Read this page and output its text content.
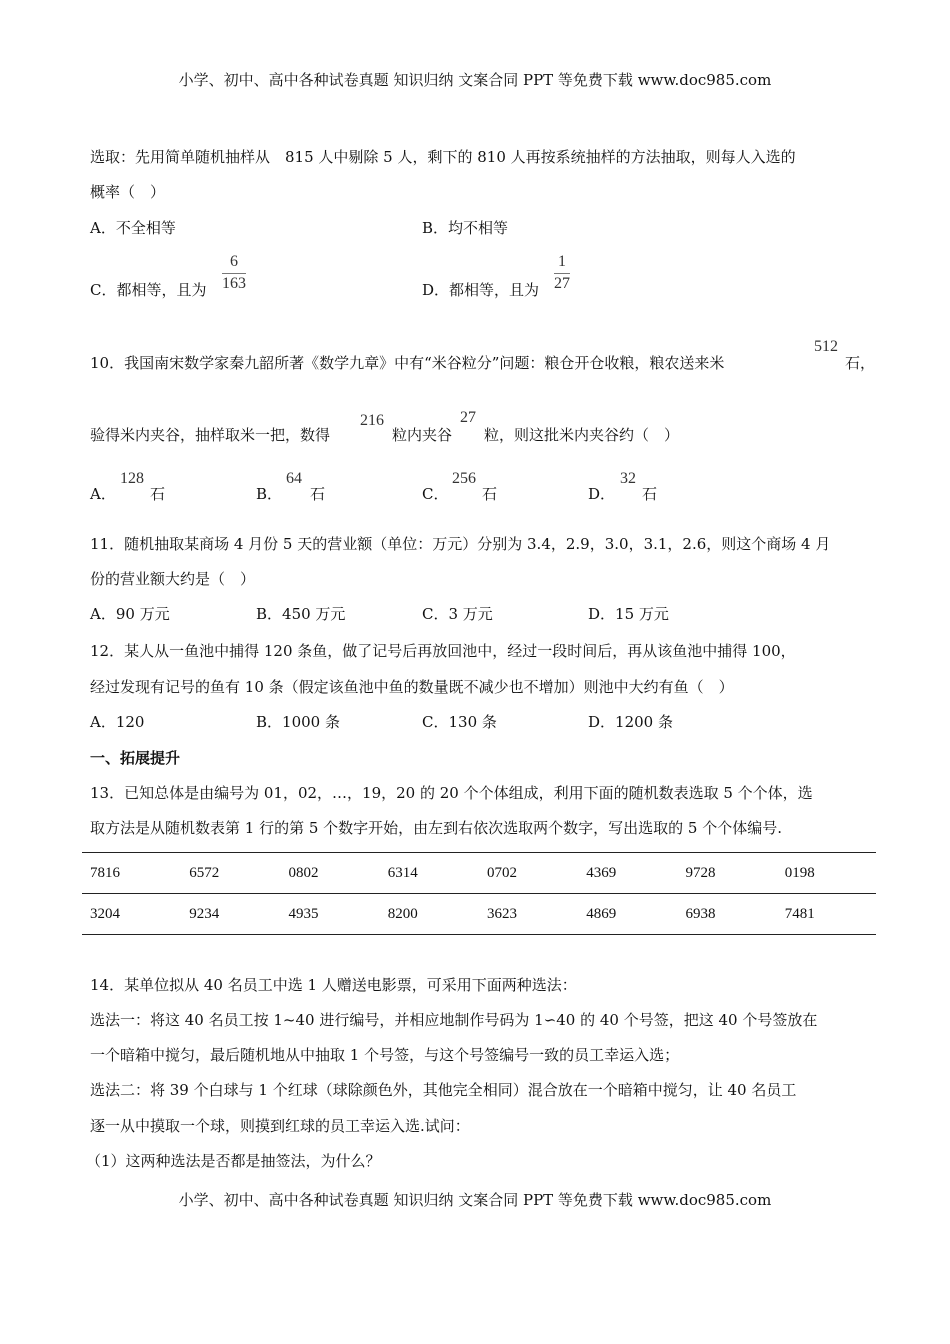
小学、初中、高中各种试卷真题 知识归纳 文案合同 PPT 等免费下载 www.doc985.com
选取：先用简单随机抽样从　815 人中剔除 5 人，剩下的 810 人再按系统抽样的方法抽取，则每人入选的
概率（　）
A．不全相等	B．均不相等
C．都相等，且为 $\frac{6}{163}$	D．都相等，且为 $\frac{1}{27}$
10．我国南宋数学家秦九韶所著《数学九章》中有“米谷粒分”问题：粮仓开仓收粮，粮农送来米
512
石，
验得米内夹谷，抽样取米一把，数得
216
粒内夹谷
27
粒，则这批米内夹谷约（　）
A．
128
石	B．
64
石	C．
256
石	D．
32
石
11．随机抽取某商场 4 月份 5 天的营业额（单位：万元）分别为 3.4，2.9，3.0，3.1，2.6，则这个商场 4 月
份的营业额大约是（　）
A．90 万元	B．450 万元	C．3 万元	D．15 万元
12．某人从一鱼池中捕得 120 条鱼，做了记号后再放回池中，经过一段时间后，再从该鱼池中捕得 100，
经过发现有记号的鱼有 10 条（假定该鱼池中鱼的数量既不减少也不增加）则池中大约有鱼（　）
A．120	B．1000 条	C．130 条	D．1200 条
一、拓展提升
13．已知总体是由编号为 01，02，…，19，20 的 20 个个体组成，利用下面的随机数表选取 5 个个体，选
取方法是从随机数表第 1 行的第 5 个数字开始，由左到右依次选取两个数字，写出选取的 5 个个体编号.
7816	6572	0802	6314	0702	4369	9728	0198
3204	9234	4935	8200	3623	4869	6938	7481
14．某单位拟从 40 名员工中选 1 人赠送电影票，可采用下面两种选法：
选法一：将这 40 名员工按 1~40 进行编号，并相应地制作号码为 1∽40 的 40 个号签，把这 40 个号签放在
一个暗箱中搅匀，最后随机地从中抽取 1 个号签，与这个号签编号一致的员工幸运入选；
选法二：将 39 个白球与 1 个红球（球除颜色外，其他完全相同）混合放在一个暗箱中搅匀，让 40 名员工
逐一从中摸取一个球，则摸到红球的员工幸运入选.试问：
（1）这两种选法是否都是抽签法，为什么？
小学、初中、高中各种试卷真题 知识归纳 文案合同 PPT 等免费下载 www.doc985.com
